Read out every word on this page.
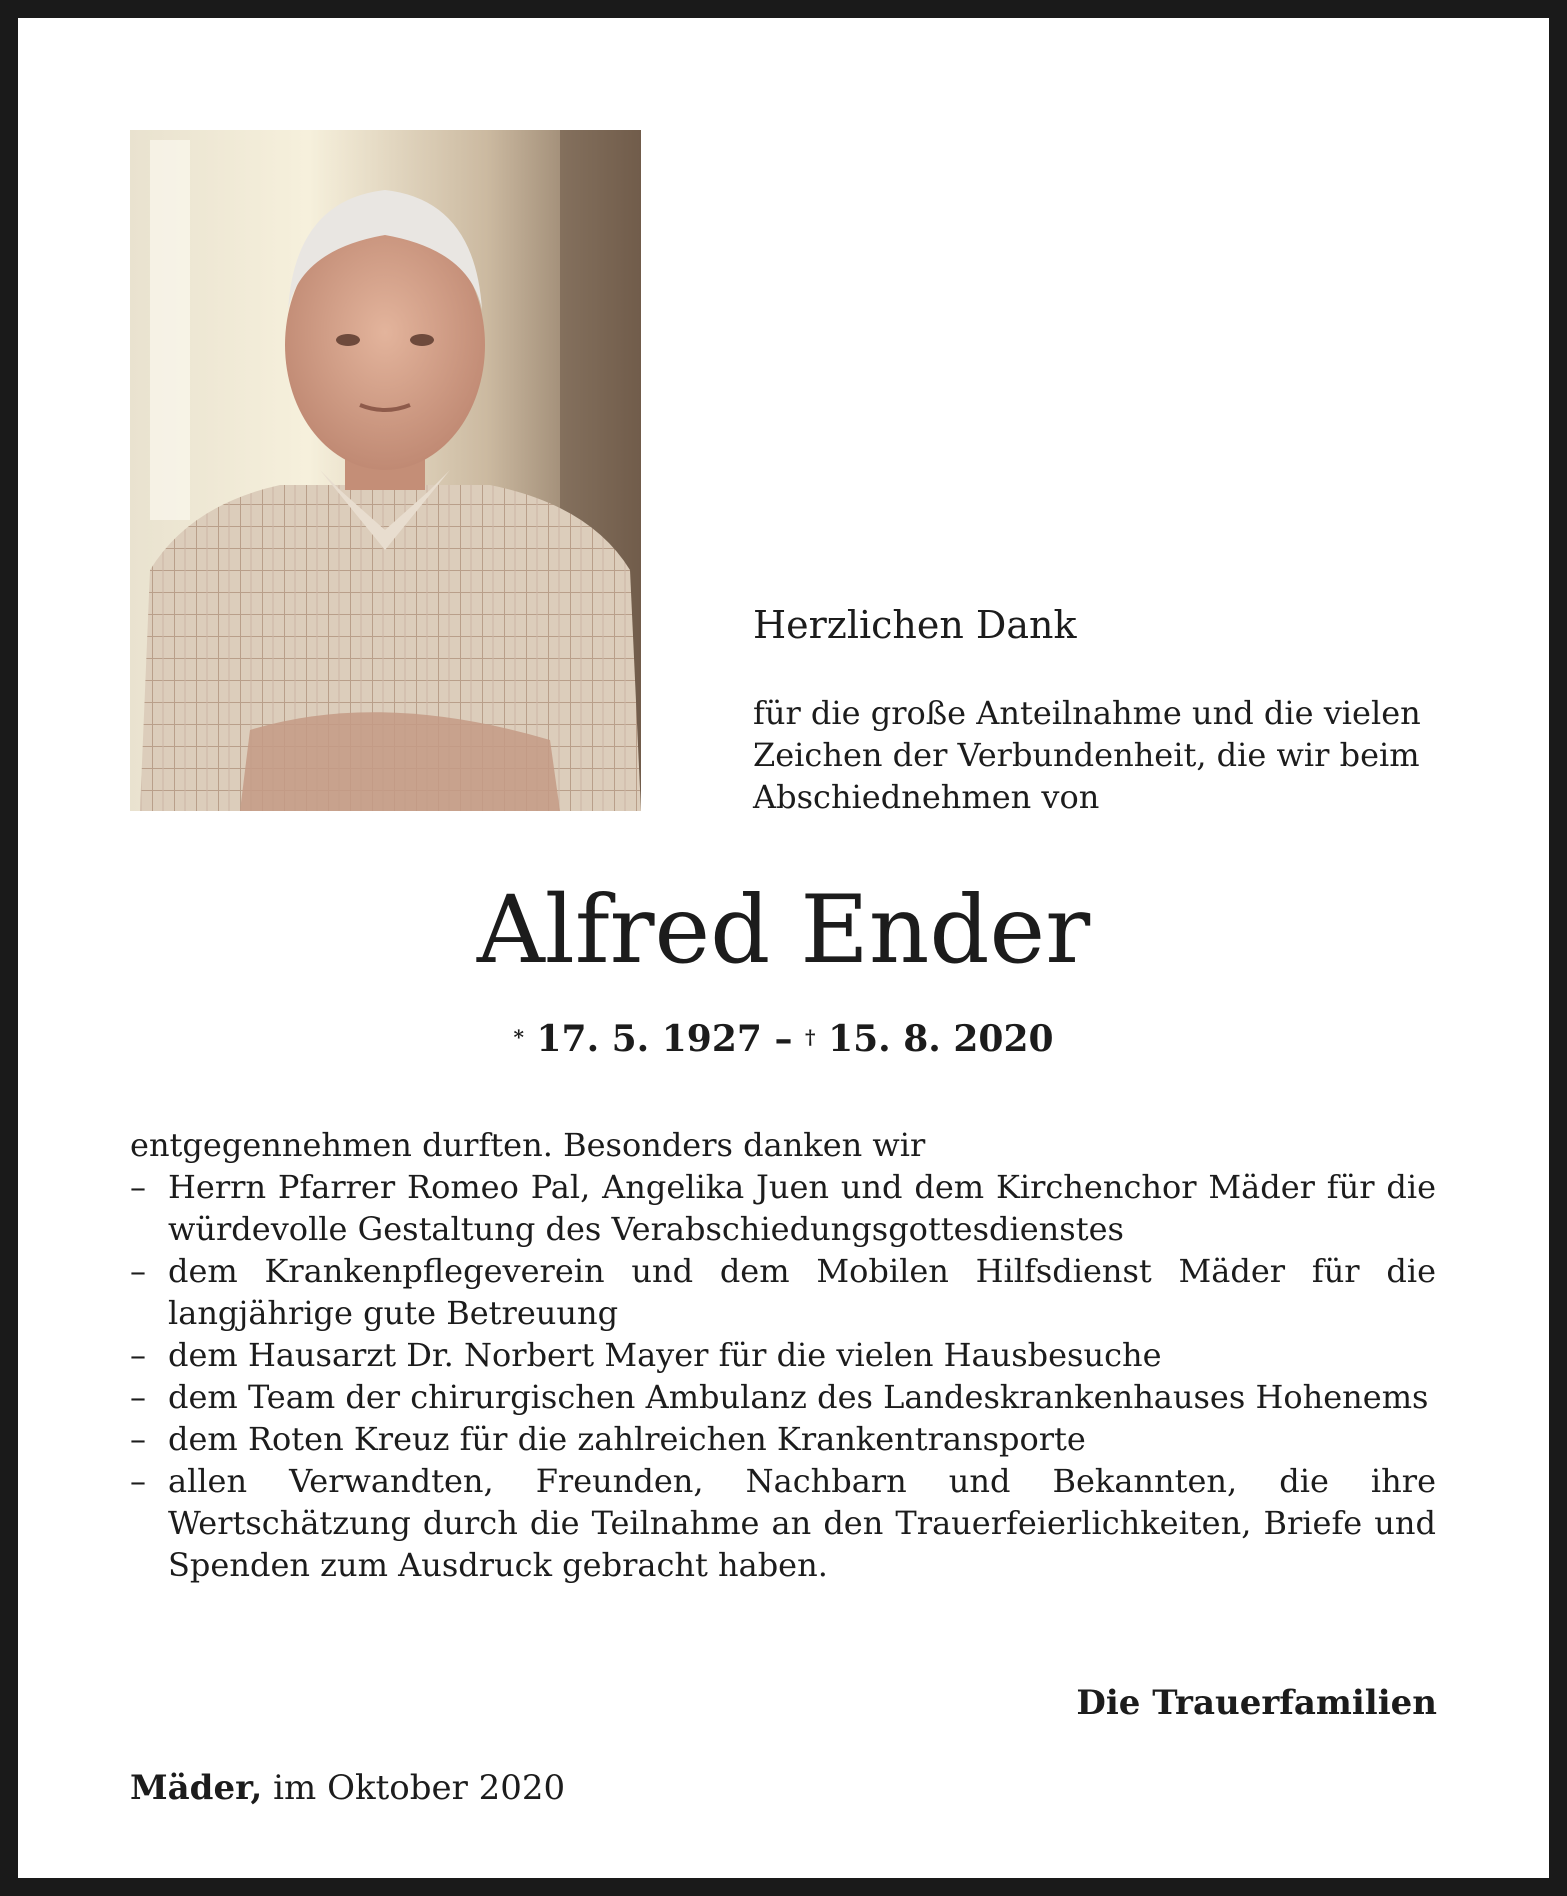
Herzlichen Dank
für die große Anteilnahme und die vielen
Zeichen der Verbundenheit, die wir beim
Abschiednehmen von
Alfred Ender
* 17. 5. 1927 – † 15. 8. 2020
entgegennehmen durften. Besonders danken wir
– Herrn Pfarrer Romeo Pal, Angelika Juen und dem Kirchenchor Mäder für die würdevolle Gestaltung des Verabschiedungsgottesdienstes
– dem Krankenpflegeverein und dem Mobilen Hilfsdienst Mäder für die langjährige gute Betreuung
– dem Hausarzt Dr. Norbert Mayer für die vielen Hausbesuche
– dem Team der chirurgischen Ambulanz des Landeskrankenhauses Hohenems
– dem Roten Kreuz für die zahlreichen Krankentransporte
– allen Verwandten, Freunden, Nachbarn und Bekannten, die ihre Wertschätzung durch die Teilnahme an den Trauerfeierlichkeiten, Briefe und Spenden zum Ausdruck gebracht haben.
Die Trauerfamilien
Mäder, im Oktober 2020
